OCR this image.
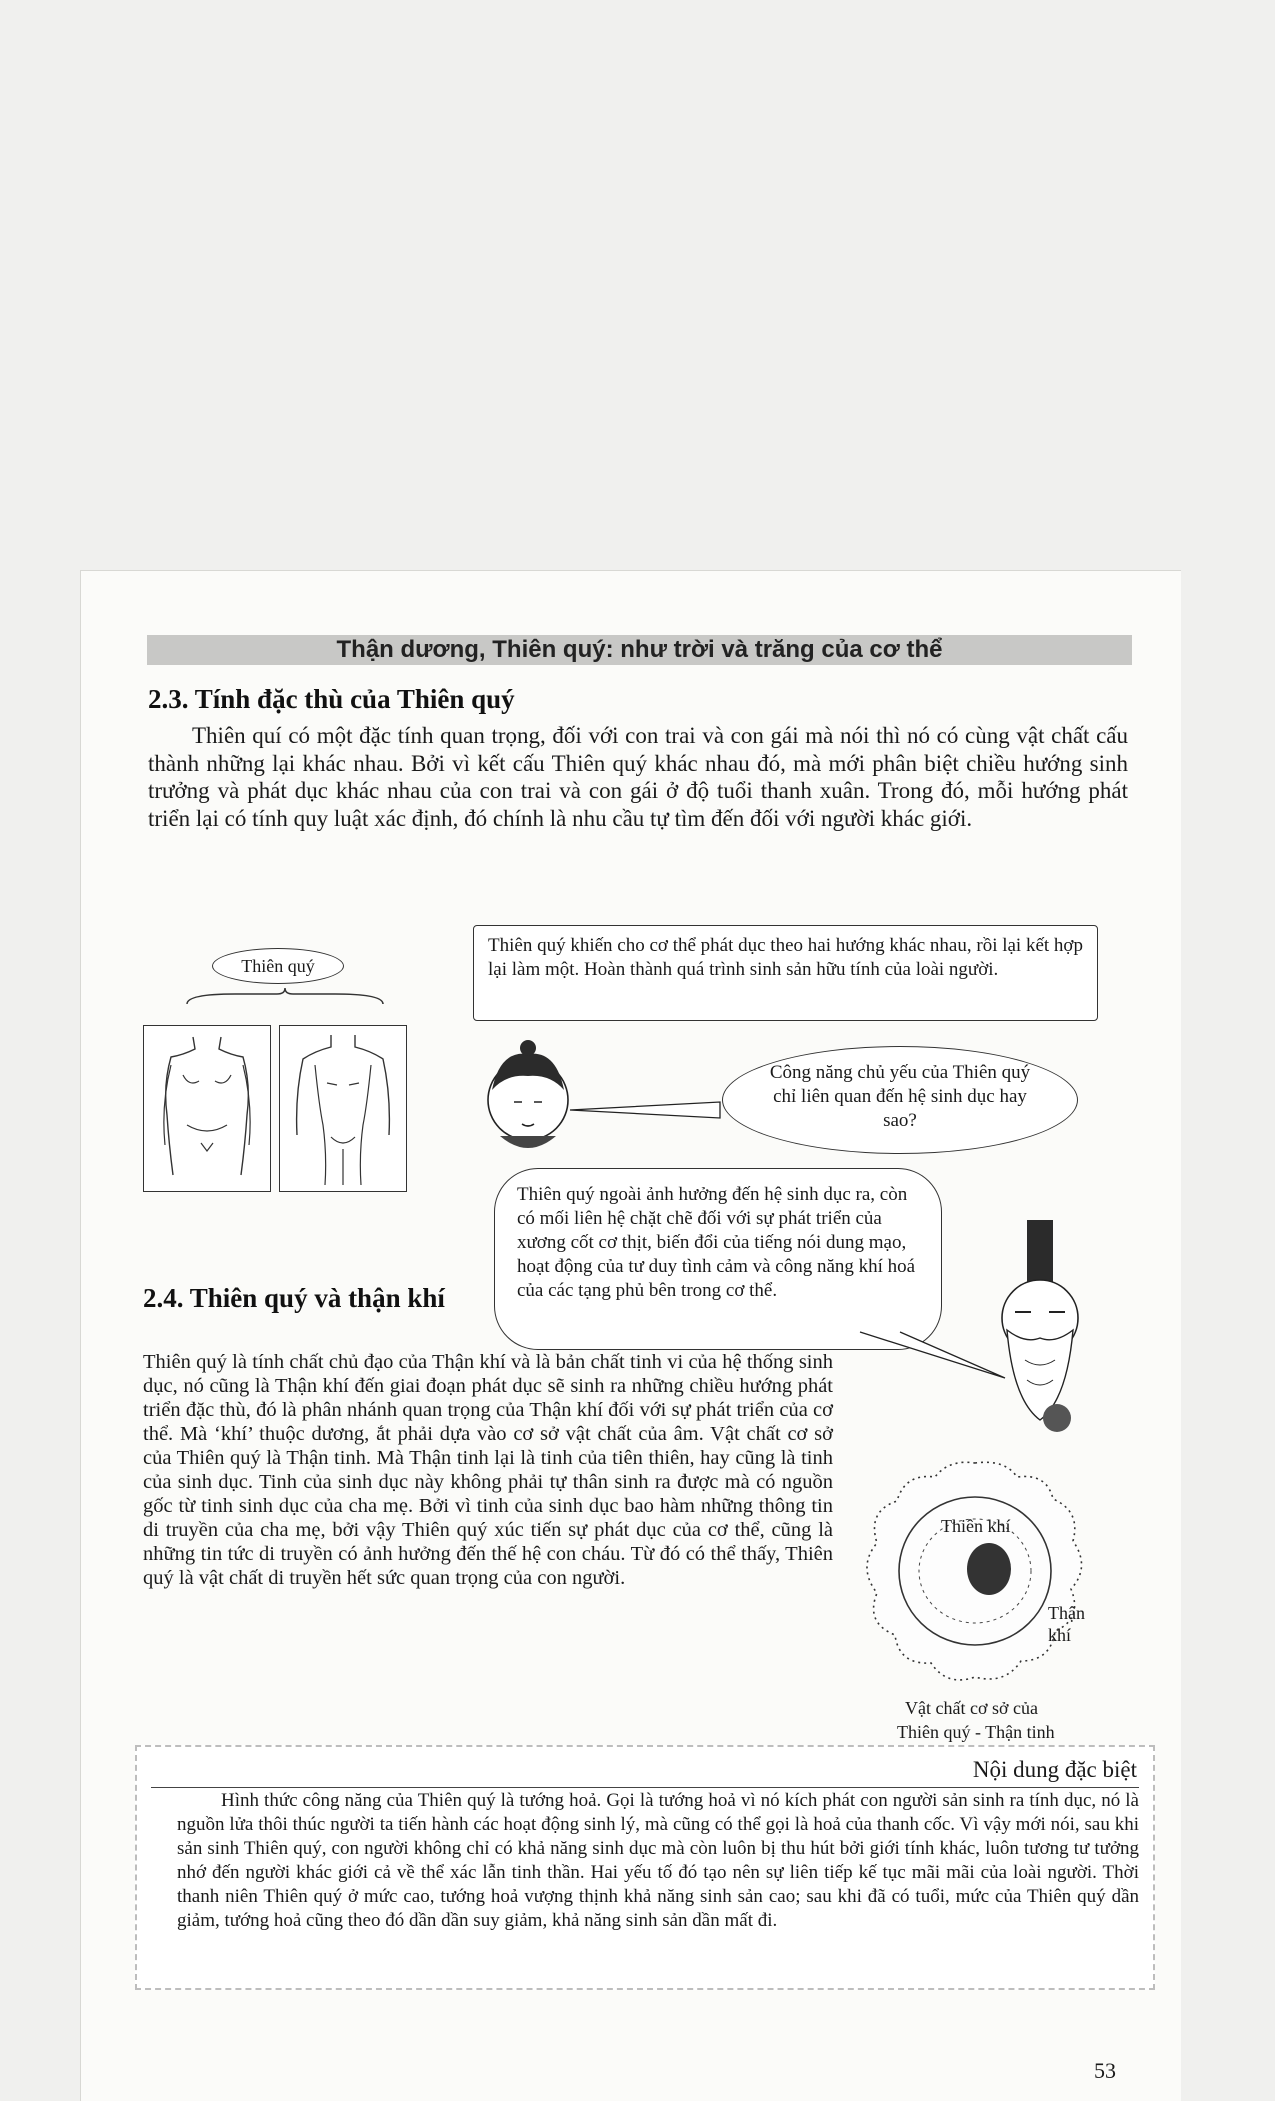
Thận dương, Thiên quý: như trời và trăng của cơ thể
2.3. Tính đặc thù của Thiên quý

Thiên quí có một đặc tính quan trọng, đối với con trai và con gái mà nói thì nó có cùng vật chất cấu thành những lại khác nhau. Bởi vì kết cấu Thiên quý khác nhau đó, mà mới phân biệt chiều hướng sinh trưởng và phát dục khác nhau của con trai và con gái ở độ tuổi thanh xuân. Trong đó, mỗi hướng phát triển lại có tính quy luật xác định, đó chính là nhu cầu tự tìm đến đối với người khác giới.

Thiên quý
Thiên quý khiến cho cơ thể phát dục theo hai hướng khác nhau, rồi lại kết hợp lại làm một. Hoàn thành quá trình sinh sản hữu tính của loài người.
Công năng chủ yếu của Thiên quý chỉ liên quan đến hệ sinh dục hay sao?
Thiên quý ngoài ảnh hưởng đến hệ sinh dục ra, còn có mối liên hệ chặt chẽ đối với sự phát triển của xương cốt cơ thịt, biến đổi của tiếng nói dung mạo, hoạt động của tư duy tình cảm và công năng khí hoá của các tạng phủ bên trong cơ thể.
2.4. Thiên quý và thận khí

Thiên quý là tính chất chủ đạo của Thận khí và là bản chất tinh vi của hệ thống sinh dục, nó cũng là Thận khí đến giai đoạn phát dục sẽ sinh ra những chiều hướng phát triển đặc thù, đó là phân nhánh quan trọng của Thận khí đối với sự phát triển của cơ thể. Mà ‘khí’ thuộc dương, ắt phải dựa vào cơ sở vật chất của âm. Vật chất cơ sở của Thiên quý là Thận tinh. Mà Thận tinh lại là tinh của tiên thiên, hay cũng là tinh của sinh dục. Tinh của sinh dục này không phải tự thân sinh ra được mà có nguồn gốc từ tinh sinh dục của cha mẹ. Bởi vì tinh của sinh dục bao hàm những thông tin di truyền của cha mẹ, bởi vậy Thiên quý xúc tiến sự phát dục của cơ thể, cũng là những tin tức di truyền có ảnh hưởng đến thế hệ con cháu. Từ đó có thể thấy, Thiên quý là vật chất di truyền hết sức quan trọng của con người.

Thiên khí
Thận khí
Vật chất cơ sở của
Thiên quý - Thận tinh
Nội dung đặc biệt
Hình thức công năng của Thiên quý là tướng hoả. Gọi là tướng hoả vì nó kích phát con người sản sinh ra tính dục, nó là nguồn lửa thôi thúc người ta tiến hành các hoạt động sinh lý, mà cũng có thể gọi là hoả của thanh cốc. Vì vậy mới nói, sau khi sản sinh Thiên quý, con người không chỉ có khả năng sinh dục mà còn luôn bị thu hút bởi giới tính khác, luôn tương tư tưởng nhớ đến người khác giới cả về thể xác lẫn tinh thần. Hai yếu tố đó tạo nên sự liên tiếp kế tục mãi mãi của loài người. Thời thanh niên Thiên quý ở mức cao, tướng hoả vượng thịnh khả năng sinh sản cao; sau khi đã có tuổi, mức của Thiên quý dần giảm, tướng hoả cũng theo đó dần dần suy giảm, khả năng sinh sản dần mất đi.
53
